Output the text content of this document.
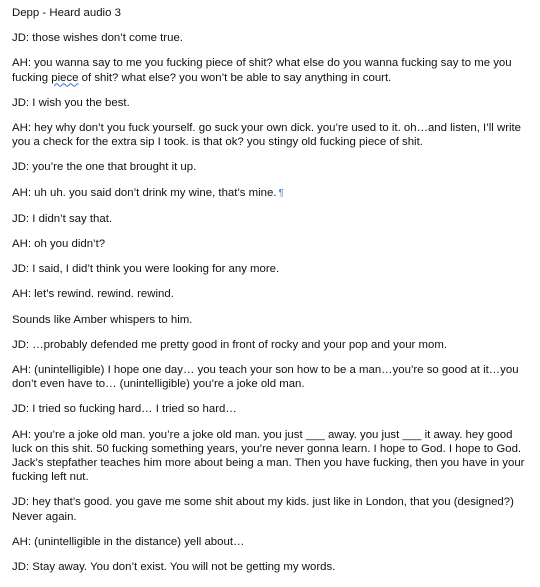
Depp - Heard audio 3

JD: those wishes don’t come true.

AH: you wanna say to me you fucking piece of shit? what else do you wanna fucking say to me you fucking piece of shit? what else? you won’t be able to say anything in court.

JD: I wish you the best.

AH: hey why don’t you fuck yourself. go suck your own dick. you’re used to it. oh…and listen, I’ll write you a check for the extra sip I took. is that ok? you stingy old fucking piece of shit.

JD: you’re the one that brought it up.

AH: uh uh. you said don’t drink my wine, that’s mine. ¶

JD: I didn’t say that.

AH: oh you didn’t?

JD: I said, I did’t think you were looking for any more.

AH: let’s rewind. rewind. rewind.

Sounds like Amber whispers to him.

JD: …probably defended me pretty good in front of rocky and your pop and your mom.

AH: (unintelligible) I hope one day… you teach your son how to be a man…you’re so good at it…you don’t even have to… (unintelligible) you’re a joke old man.

JD: I tried so fucking hard… I tried so hard…

AH: you’re a joke old man. you’re a joke old man. you just ___ away. you just ___ it away. hey good luck on this shit. 50 fucking something years, you’re never gonna learn. I hope to God. I hope to God. Jack’s stepfather teaches him more about being a man. Then you have fucking, then you have in your fucking left nut.

JD: hey that’s good. you gave me some shit about my kids. just like in London, that you (designed?) Never again.

AH: (unintelligible in the distance) yell about…

JD: Stay away. You don’t exist. You will not be getting my words.
